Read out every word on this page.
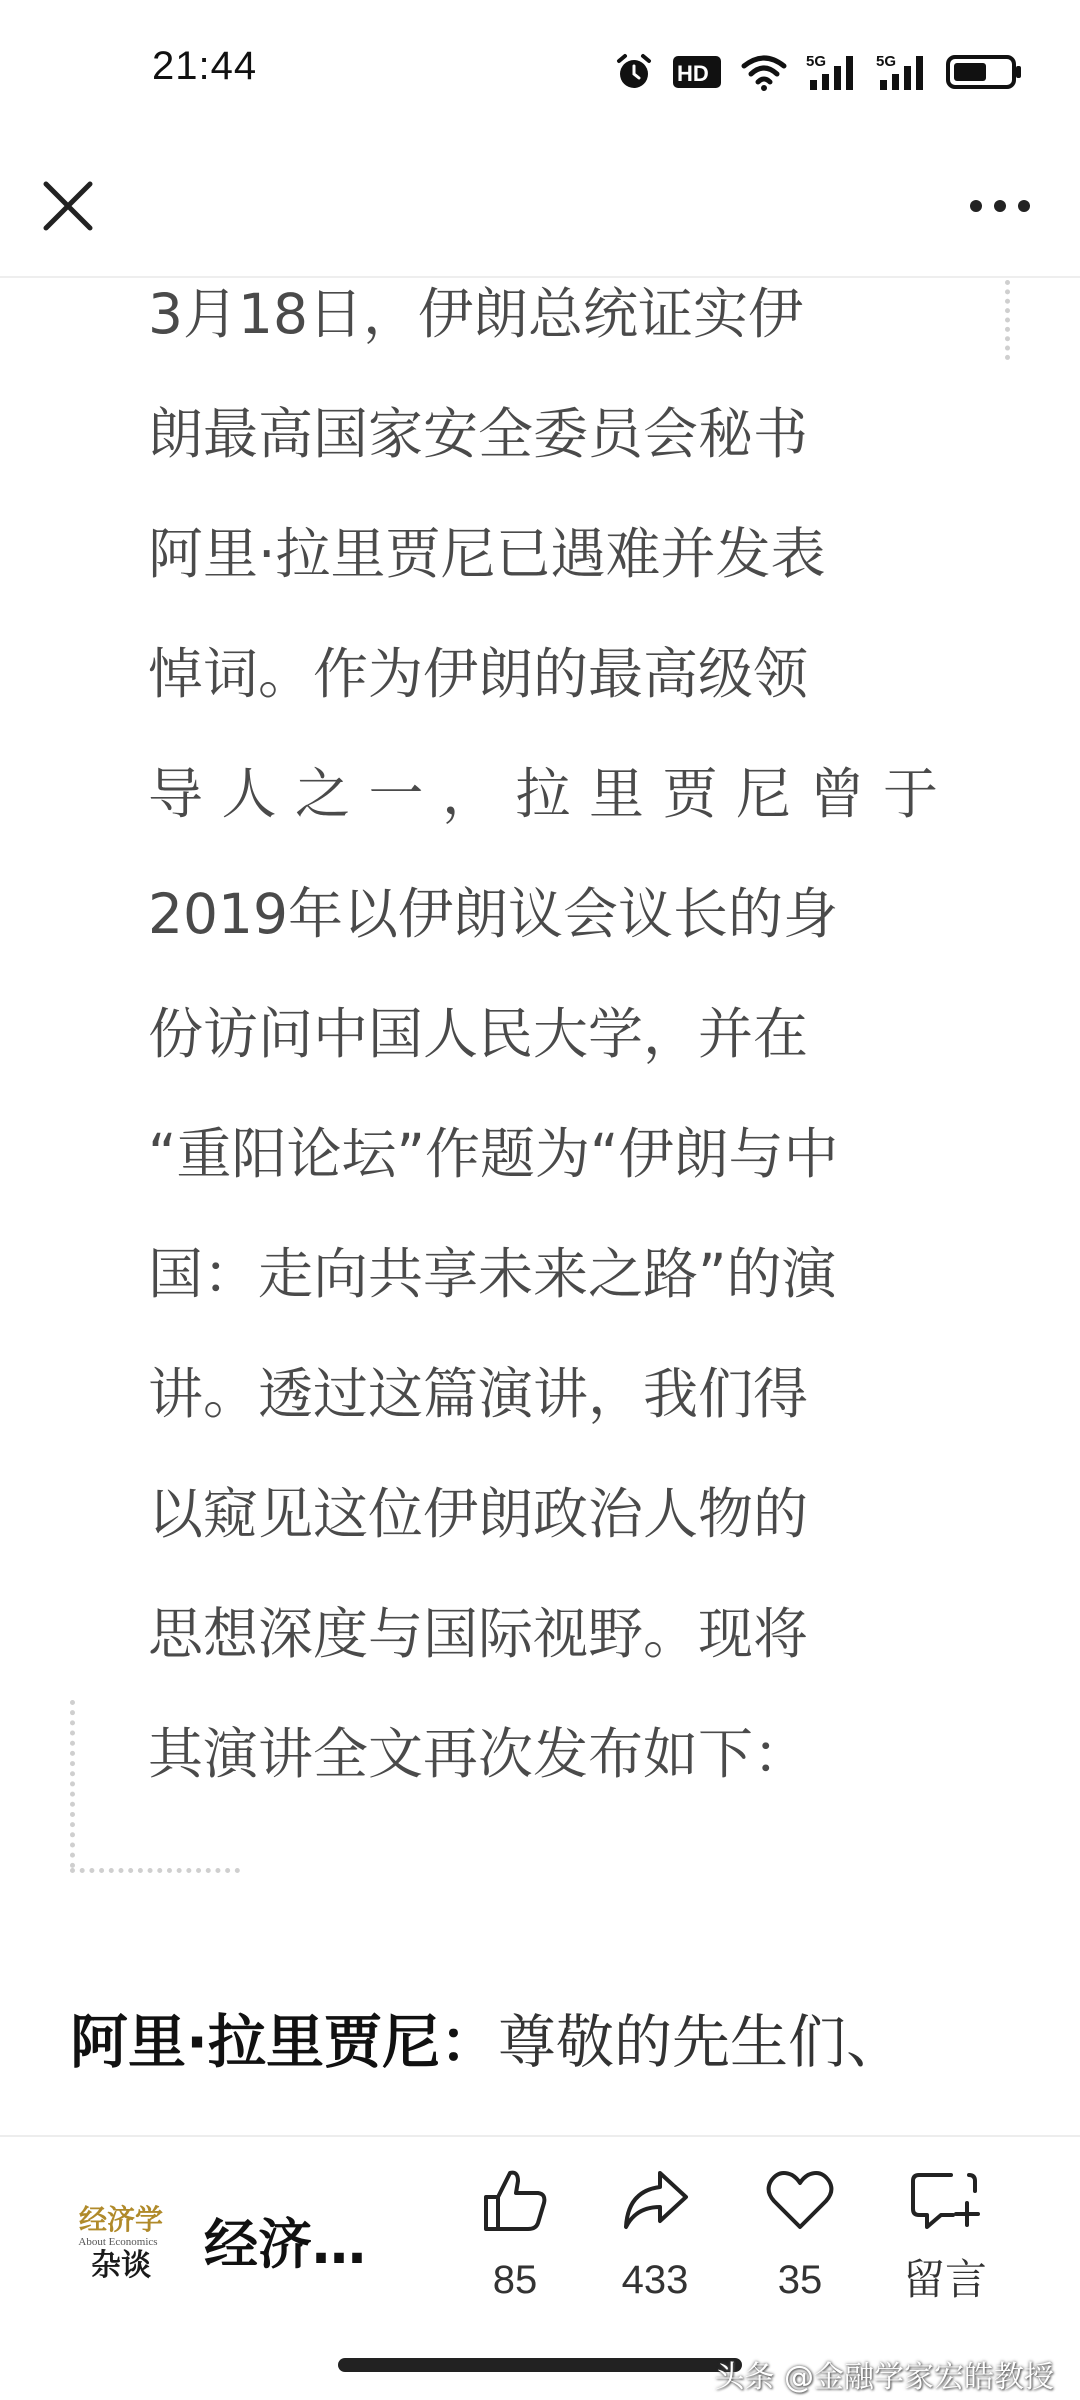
21:44	HD	5G	5G
3月18日，伊朗总统证实伊
朗最高国家安全委员会秘书
阿里·拉里贾尼已遇难并发表
悼词。作为伊朗的最高级领
导人之一，拉里贾尼曾于
2019年以伊朗议会议长的身
份访问中国人民大学，并在
“重阳论坛”作题为“伊朗与中
国：走向共享未来之路”的演
讲。透过这篇演讲，我们得
以窥见这位伊朗政治人物的
思想深度与国际视野。现将
其演讲全文再次发布如下：
阿里·拉里贾尼：尊敬的先生们、
经济学
About Economics
杂谈 经济…
85	433	35	留言
头条 @金融学家宏皓教授
